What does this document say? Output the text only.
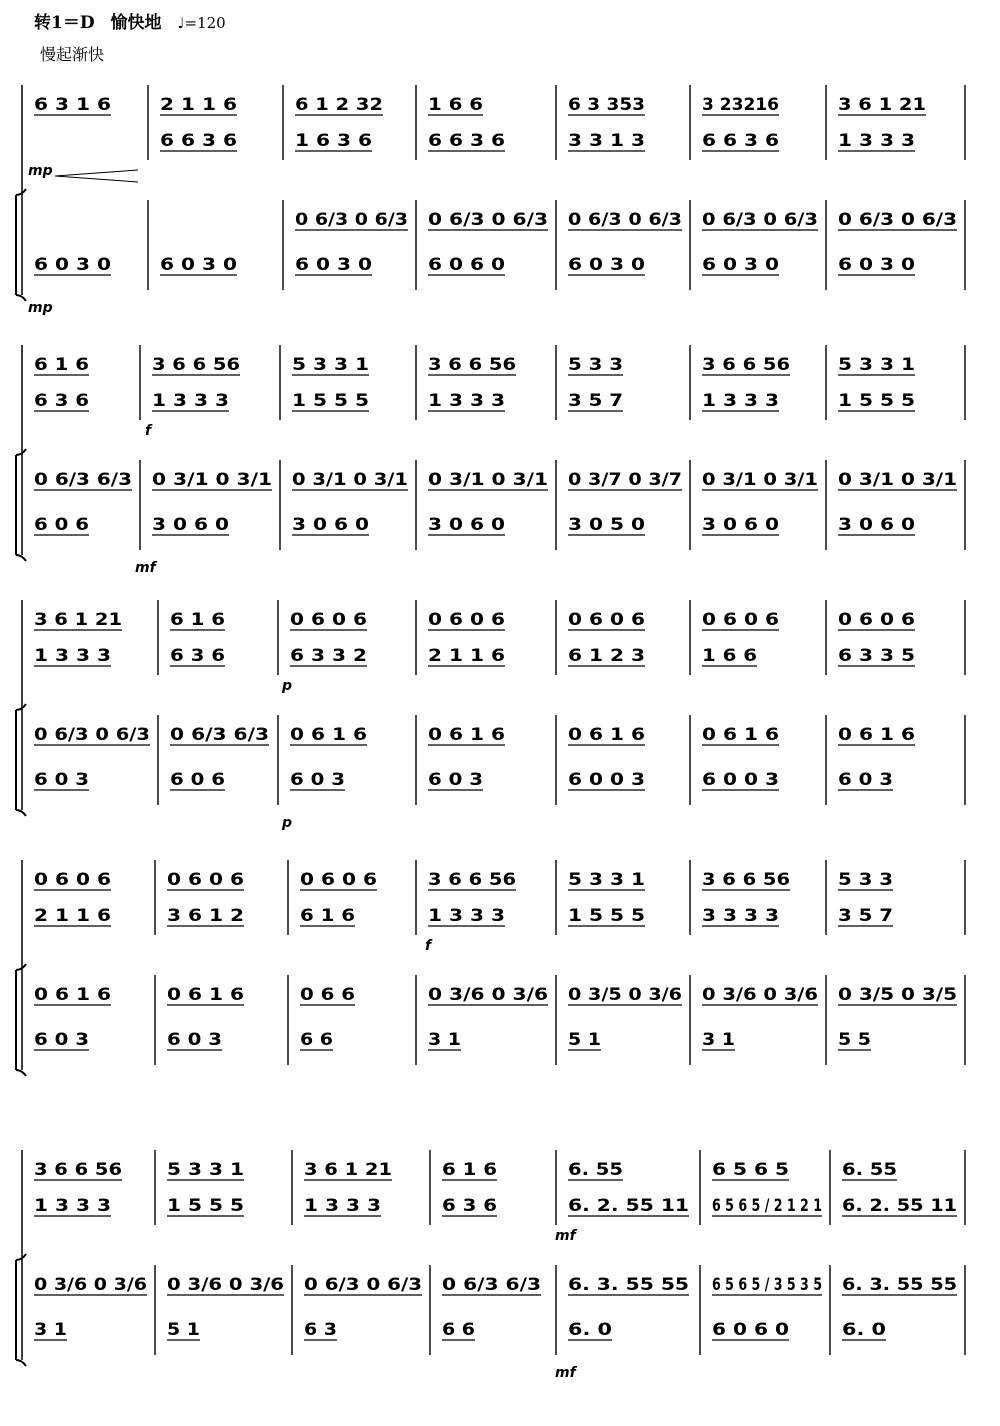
转1＝D 愉快地 ♩=120
慢起渐快
6 3 1 6	2 1 1 6
6 6 3 6
6 1 2 32
1 6 3 6
1 6 6
6 6 3 6
6 3 353
3 3 1 3
3 23216
6 6 3 6
3 6 1 21
1 3 3 3
6 0 3 0	6 0 3 0
0 6/3 0 6/3
6 0 3 0
0 6/3 0 6/3
6 0 6 0
0 6/3 0 6/3
6 0 3 0
0 6/3 0 6/3
6 0 3 0
0 6/3 0 6/3
6 0 3 0
mp
mp
6 1 6
6 3 6
3 6 6 56
1 3 3 3
5 3 3 1
1 5 5 5
3 6 6 56
1 3 3 3
5 3 3
3 5 7
3 6 6 56
1 3 3 3
5 3 3 1
1 5 5 5
0 6/3 6/3
6 0 6
0 3/1 0 3/1
3 0 6 0
0 3/1 0 3/1
3 0 6 0
0 3/1 0 3/1
3 0 6 0
0 3/7 0 3/7
3 0 5 0
0 3/1 0 3/1
3 0 6 0
0 3/1 0 3/1
3 0 6 0
f
mf
3 6 1 21
1 3 3 3
6 1 6
6 3 6
0 6 0 6
6 3 3 2
0 6 0 6
2 1 1 6
0 6 0 6
6 1 2 3
0 6 0 6
1 6 6
0 6 0 6
6 3 3 5
0 6/3 0 6/3
6 0 3
0 6/3 6/3
6 0 6
0 6 1 6
6 0 3
0 6 1 6
6 0 3
0 6 1 6
6 0 0 3
0 6 1 6
6 0 0 3
0 6 1 6
6 0 3
p
p
0 6 0 6
2 1 1 6
0 6 0 6
3 6 1 2
0 6 0 6
6 1 6
3 6 6 56
1 3 3 3
5 3 3 1
1 5 5 5
3 6 6 56
3 3 3 3
5 3 3
3 5 7
0 6 1 6
6 0 3
0 6 1 6
6 0 3
0 6 6
6 6
0 3/6 0 3/6
3 1
0 3/5 0 3/6
5 1
0 3/6 0 3/6
3 1
0 3/5 0 3/5
5 5
f
3 6 6 56
1 3 3 3
5 3 3 1
1 5 5 5
3 6 1 21
1 3 3 3
6 1 6
6 3 6
6. 55
6. 2. 55 11
6 5 6 5
6 5 6 5 / 2 1 2 1
6. 55
6. 2. 55 11
0 3/6 0 3/6
3 1
0 3/6 0 3/6
5 1
0 6/3 0 6/3
6 3
0 6/3 6/3
6 6
6. 3. 55 55
6. 0
6 5 6 5 / 3 5 3 5
6 0 6 0
6. 3. 55 55
6. 0
mf
mf
